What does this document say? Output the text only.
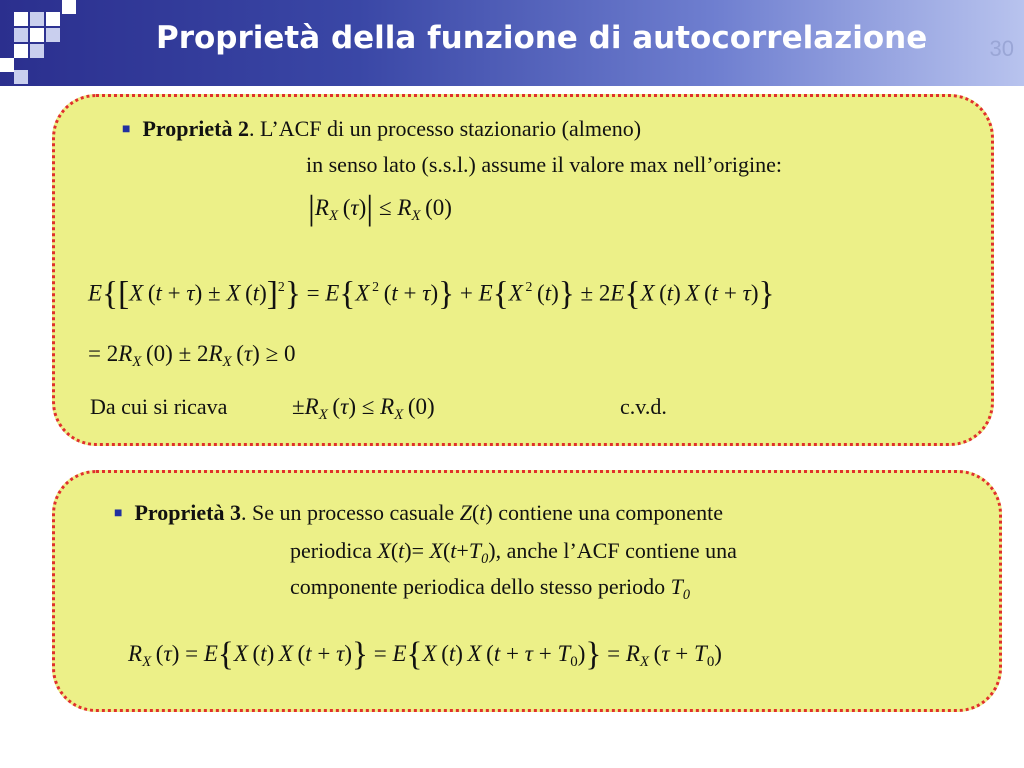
Proprietà della funzione di autocorrelazione	30
■ Proprietà 2. L’ACF di un processo stazionario (almeno)
in senso lato (s.s.l.) assume il valore max nell’origine:
$|R_X$ $(\tau)| \le R_X$ (0)
E{[X (t + τ) ± X (t)]$^2$} = E{X $^2$ (t + τ)} + E{X $^2$ (t)} ± 2E{X (t) X (t + τ)}
= $2R_X$ $(0) \pm 2R_X$ (τ) ≥ 0
Da cui si ricava	$\pm R_X$ $(\tau) \le R_X$ (0)	c.v.d.
■ Proprietà 3. Se un processo casuale Z(t) contiene una componente
periodica $X(t)= X(t+T_0)$, anche l’ACF contiene una
componente periodica dello stesso periodo $T_0$
$R_X$ (τ) = E{X (t) X (t + τ)} = E{X (t) X $(t + \tau + T_0)\} = R_X$ $(\tau + T_0)$
